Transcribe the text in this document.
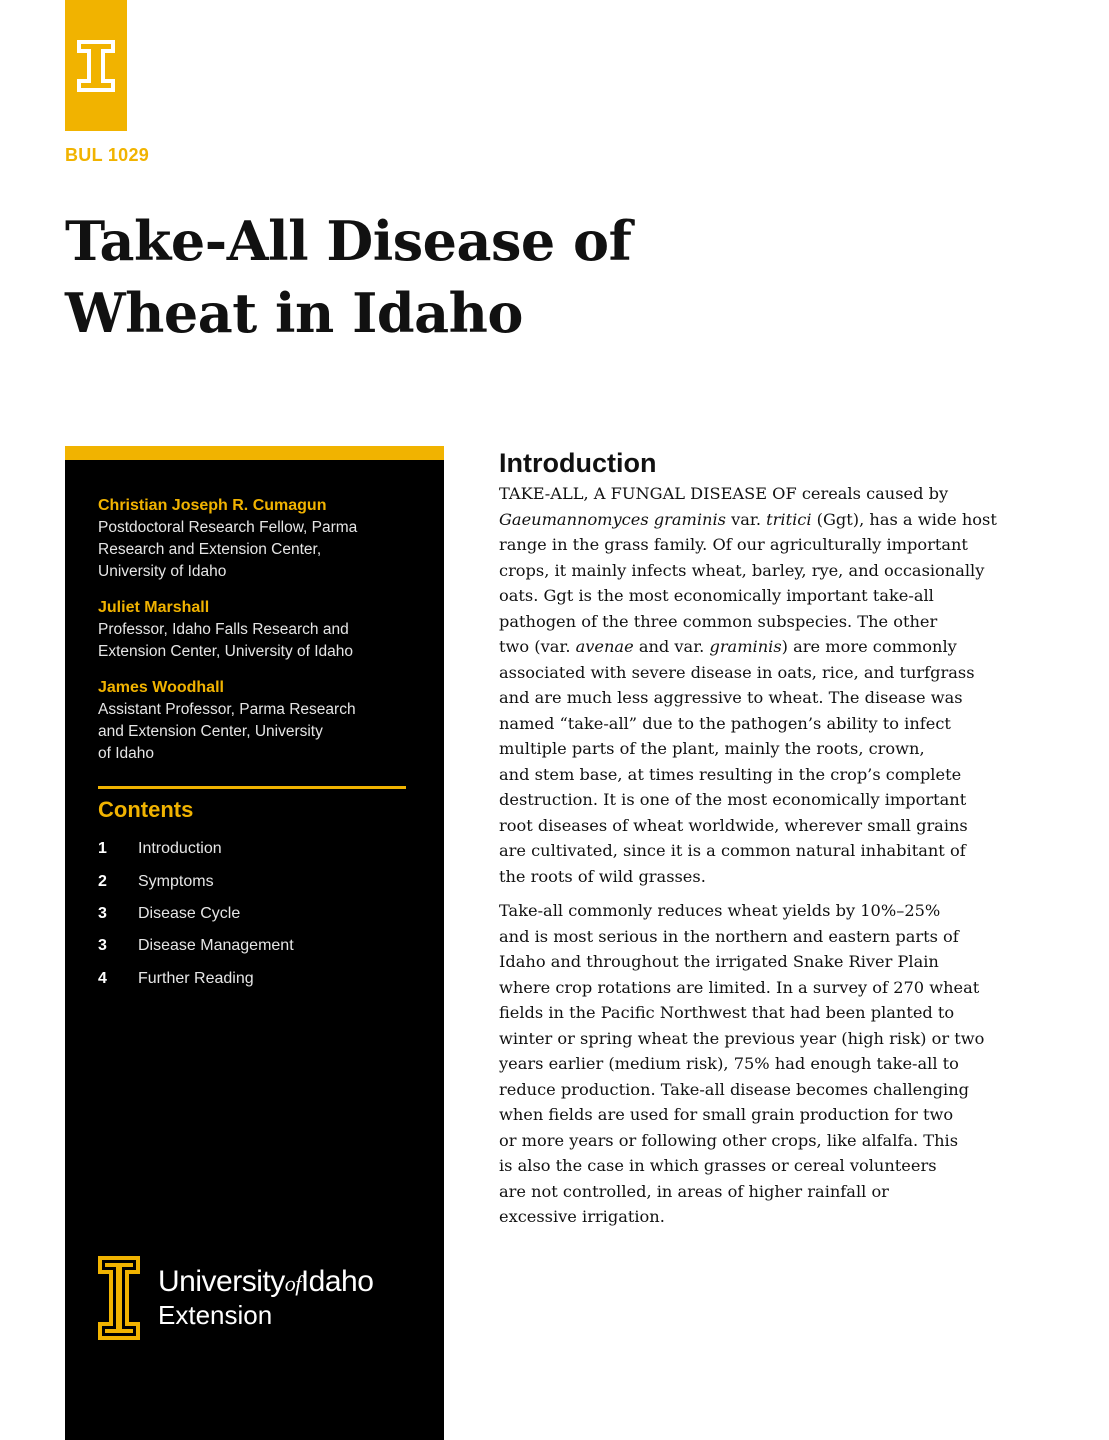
BUL 1029
Take-All Disease of
Wheat in Idaho
Christian Joseph R. Cumagun
Postdoctoral Research Fellow, Parma
Research and Extension Center,
University of Idaho
Juliet Marshall
Professor, Idaho Falls Research and
Extension Center, University of Idaho
James Woodhall
Assistant Professor, Parma Research
and Extension Center, University
of Idaho
Contents
1	Introduction
2	Symptoms
3	Disease Cycle
3	Disease Management
4	Further Reading
UniversityofIdaho
Extension
Introduction

TAKE-ALL, A FUNGAL DISEASE OF cereals caused by
Gaeumannomyces graminis var. tritici (Ggt), has a wide host
range in the grass family. Of our agriculturally important
crops, it mainly infects wheat, barley, rye, and occasionally
oats. Ggt is the most economically important take-all
pathogen of the three common subspecies. The other
two (var. avenae and var. graminis) are more commonly
associated with severe disease in oats, rice, and turfgrass
and are much less aggressive to wheat. The disease was
named “take-all” due to the pathogen’s ability to infect
multiple parts of the plant, mainly the roots, crown,
and stem base, at times resulting in the crop’s complete
destruction. It is one of the most economically important
root diseases of wheat worldwide, wherever small grains
are cultivated, since it is a common natural inhabitant of
the roots of wild grasses.

Take-all commonly reduces wheat yields by 10%–25%
and is most serious in the northern and eastern parts of
Idaho and throughout the irrigated Snake River Plain
where crop rotations are limited. In a survey of 270 wheat
fields in the Pacific Northwest that had been planted to
winter or spring wheat the previous year (high risk) or two
years earlier (medium risk), 75% had enough take-all to
reduce production. Take-all disease becomes challenging
when fields are used for small grain production for two
or more years or following other crops, like alfalfa. This
is also the case in which grasses or cereal volunteers
are not controlled, in areas of higher rainfall or
excessive irrigation.
